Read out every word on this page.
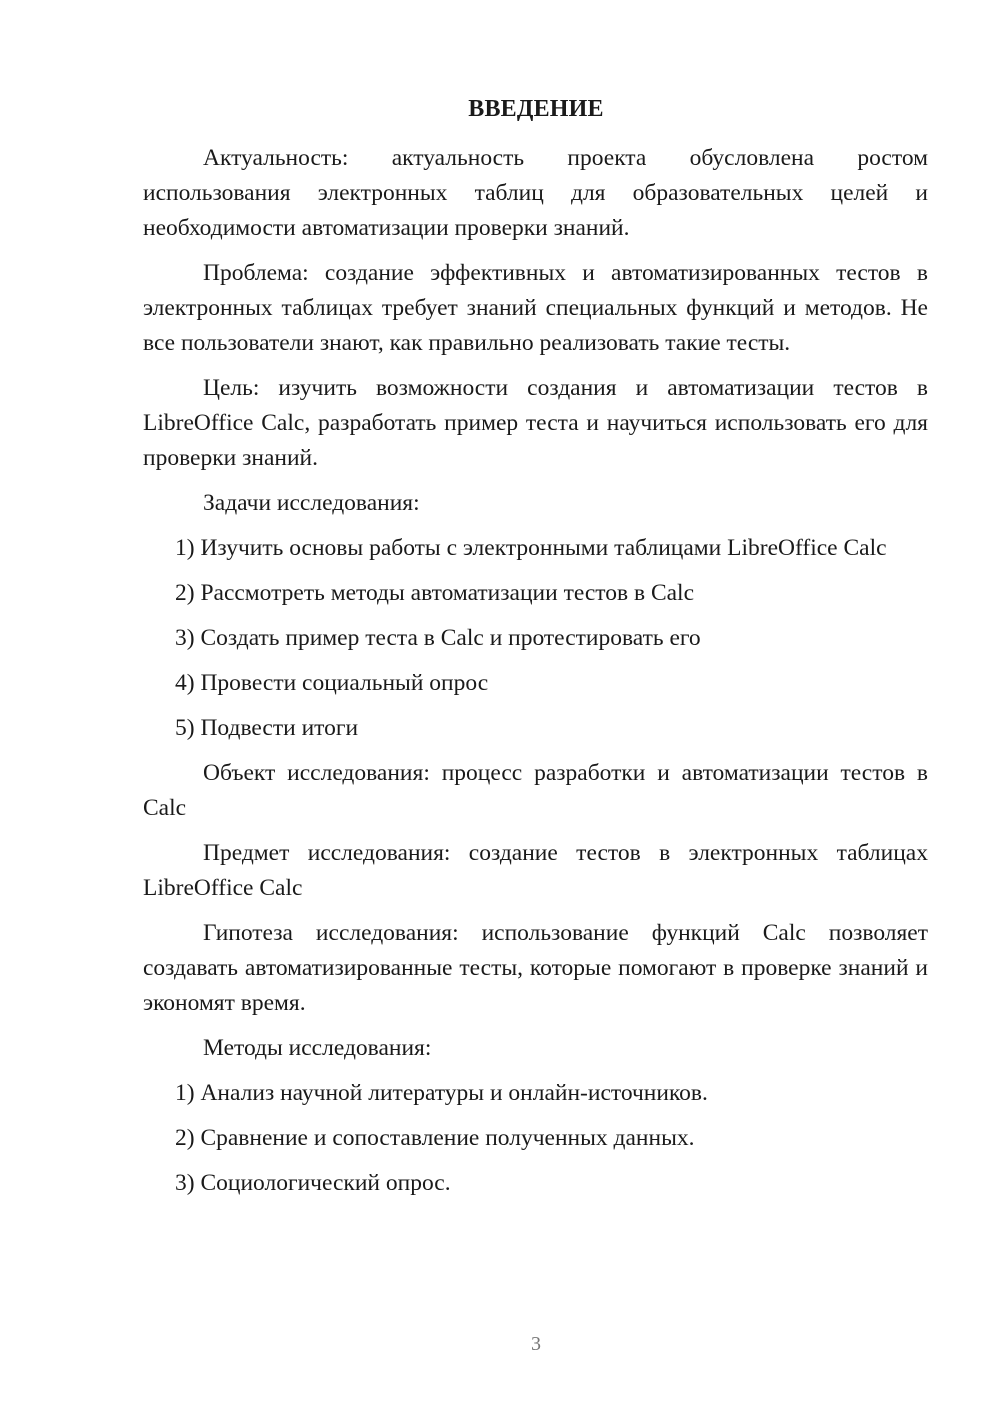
ВВЕДЕНИЕ

Актуальность: актуальность проекта обусловлена ростом использования электронных таблиц для образовательных целей и необходимости автоматизации проверки знаний.

Проблема: создание эффективных и автоматизированных тестов в электронных таблицах требует знаний специальных функций и методов. Не все пользователи знают, как правильно реализовать такие тесты.

Цель: изучить возможности создания и автоматизации тестов в LibreOffice Calc, разработать пример теста и научиться использовать его для проверки знаний.

Задачи исследования:

1) Изучить основы работы с электронными таблицами LibreOffice Calc

2) Рассмотреть методы автоматизации тестов в Calc

3) Создать пример теста в Calc и протестировать его

4) Провести социальный опрос

5) Подвести итоги

Объект исследования: процесс разработки и автоматизации тестов в Calc

Предмет исследования: создание тестов в электронных таблицах LibreOffice Calc

Гипотеза исследования: использование функций Calc позволяет создавать автоматизированные тесты, которые помогают в проверке знаний и экономят время.

Методы исследования:

1) Анализ научной литературы и онлайн-источников.

2) Сравнение и сопоставление полученных данных.

3) Социологический опрос.

3
